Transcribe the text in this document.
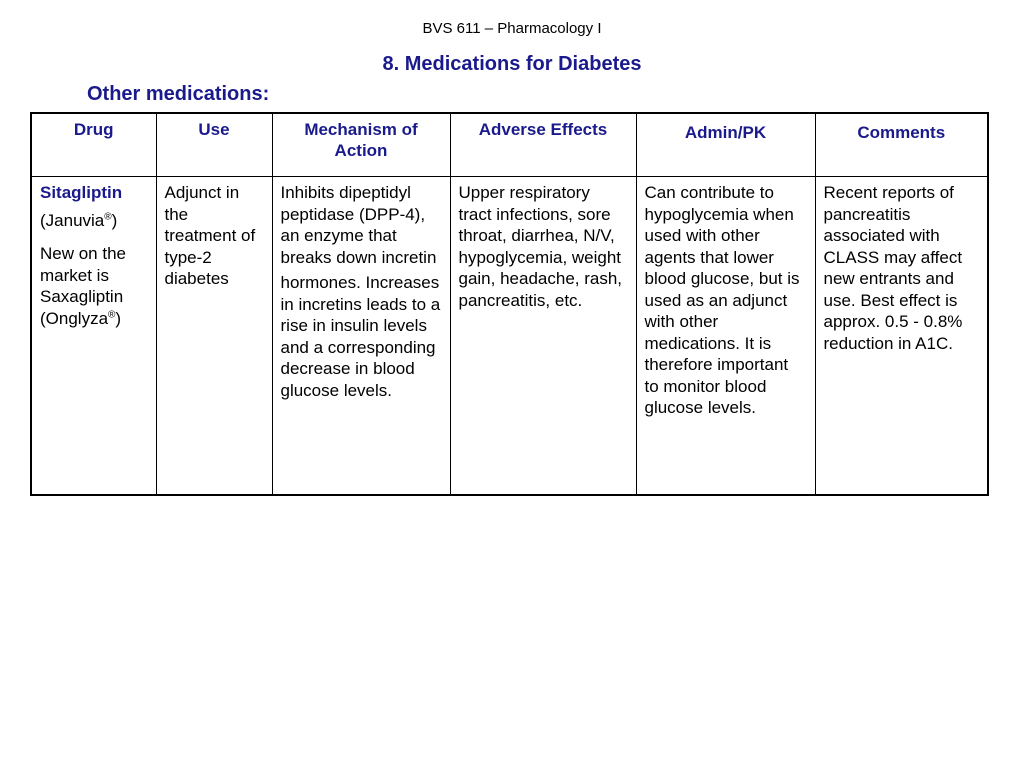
BVS 611 – Pharmacology I
8. Medications for Diabetes
Other medications:
Drug	Use	Mechanism of Action	Adverse Effects	Admin/PK	Comments

Sitagliptin
(Januvia®)
New on the market is Saxagliptin (Onglyza®)	Adjunct in the treatment of type-2 diabetes	Inhibits dipeptidyl peptidase (DPP-4), an enzyme that breaks down incretin
hormones. Increases in incretins leads to a rise in insulin levels and a corresponding decrease in blood glucose levels.	Upper respiratory tract infections, sore throat, diarrhea, N/V, hypoglycemia, weight gain, headache, rash, pancreatitis, etc.	Can contribute to hypoglycemia when used with other agents that lower blood glucose, but is used as an adjunct with other medications. It is therefore important to monitor blood glucose levels.	Recent reports of pancreatitis associated with CLASS may affect new entrants and use. Best effect is approx. 0.5 - 0.8% reduction in A1C.
